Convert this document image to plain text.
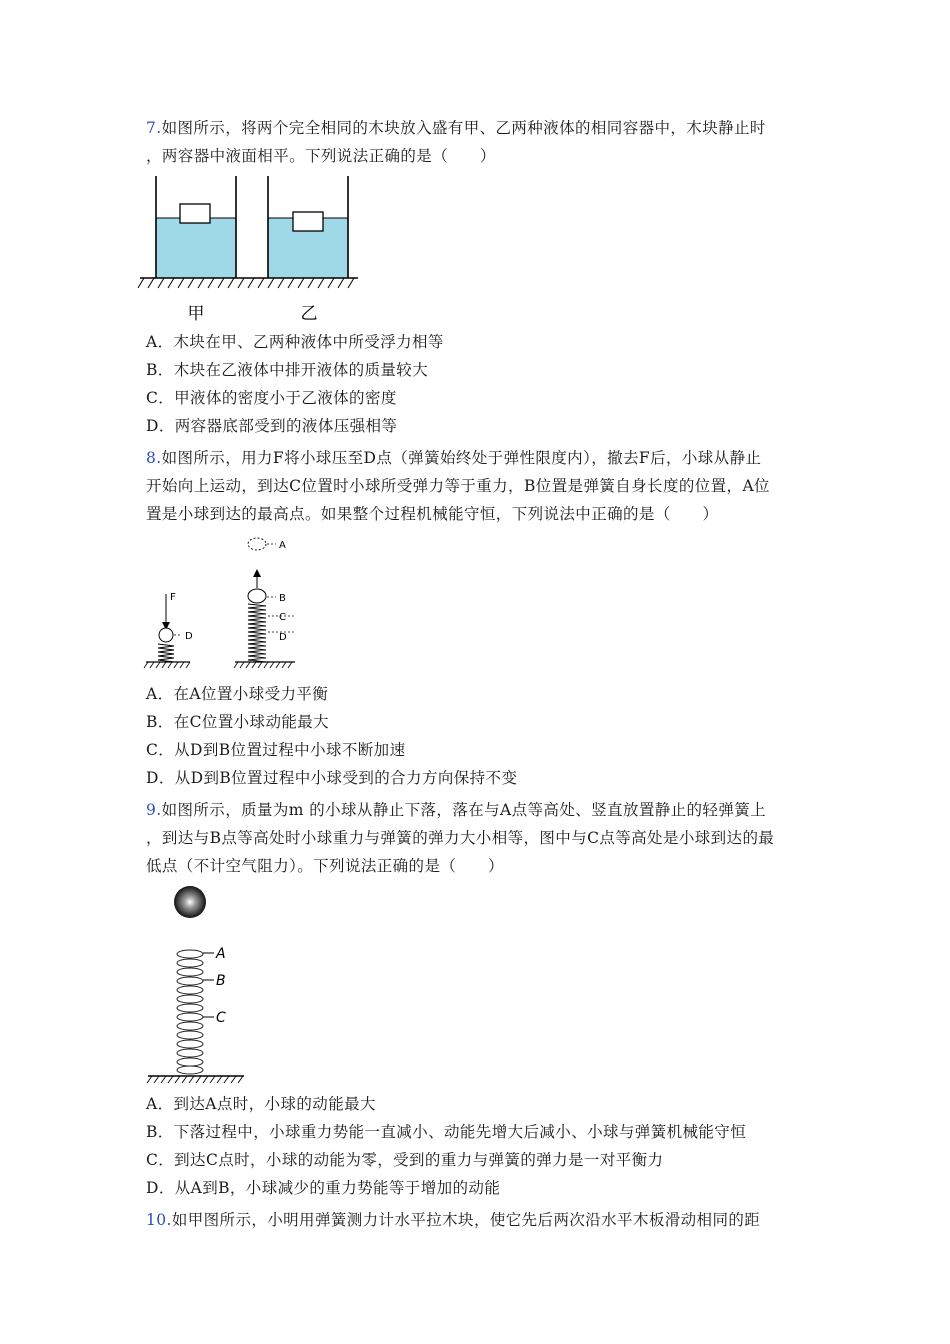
7.如图所示，将两个完全相同的木块放入盛有甲、乙两种液体的相同容器中，木块静止时
，两容器中液面相平。下列说法正确的是（　　）
甲	乙
A．木块在甲、乙两种液体中所受浮力相等
B．木块在乙液体中排开液体的质量较大
C．甲液体的密度小于乙液体的密度
D．两容器底部受到的液体压强相等
8.如图所示，用力F将小球压至D点（弹簧始终处于弹性限度内），撤去F后，小球从静止
开始向上运动，到达C位置时小球所受弹力等于重力，B位置是弹簧自身长度的位置，A位
置是小球到达的最高点。如果整个过程机械能守恒，下列说法中正确的是（　　）
F
D
A
B
C
D
A．在A位置小球受力平衡
B．在C位置小球动能最大
C．从D到B位置过程中小球不断加速
D．从D到B位置过程中小球受到的合力方向保持不变
9.如图所示，质量为m 的小球从静止下落，落在与A点等高处、竖直放置静止的轻弹簧上
，到达与B点等高处时小球重力与弹簧的弹力大小相等，图中与C点等高处是小球到达的最
低点（不计空气阻力）。下列说法正确的是（　　）
A
B
C
A．到达A点时，小球的动能最大
B．下落过程中，小球重力势能一直减小、动能先增大后减小、小球与弹簧机械能守恒
C．到达C点时，小球的动能为零，受到的重力与弹簧的弹力是一对平衡力
D．从A到B，小球减少的重力势能等于增加的动能
10.如甲图所示，小明用弹簧测力计水平拉木块，使它先后两次沿水平木板滑动相同的距
